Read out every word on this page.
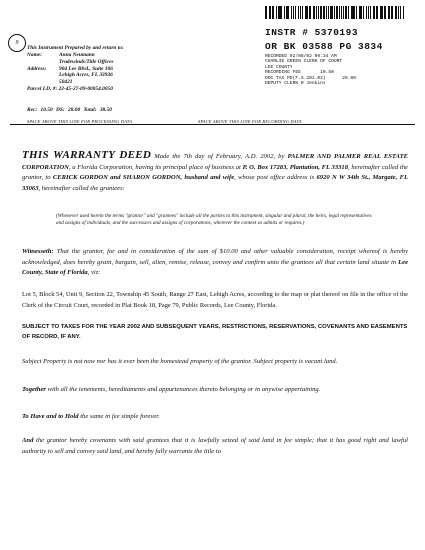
INSTR # 5370193
OR BK 03588 PG 3834
RECORDED 02/08/02 09:34 AM
CHARLIE GREEN CLERK OF COURT
LEE COUNTY
RECORDING FEE       10.50
DOC TAX PD(F.S.201.02)      28.00
DEPUTY CLERK R Jenkins
9
This Instrument Prepared by and return to:
Name:	Anna Neumann
Tradewinds/Title Offices
Address:	904 Lee Blvd., Suite 106
Lehigh Acres, FL 33936
50421
Parcel I.D. #: 22-45-27-09-00054.0050
Rec: 10.50 DS: 28.00 Total: 38.50
SPACE ABOVE THIS LINE FOR PROCESSING DATA	SPACE ABOVE THIS LINE FOR RECORDING DATA
THIS WARRANTY DEED Made the 7th day of February, A.D. 2002, by PALMER AND PALMER REAL ESTATE CORPORATION, a Florida Corporation, having its principal place of business at P. O. Box 17283, Plantation, FL 33318, hereinafter called the grantor, to CERICK GORDON and SHARON GORDON, husband and wife, whose post office address is 6920 N W 34th St., Margate, FL 33063, hereinafter called the grantees:
(Whenever used herein the terms "grantor" and "grantees" include all the parties to this instrument, singular and plural, the heirs, legal representatives and assigns of individuals, and the successors and assigns of corporations, wherever the context so admits or requires.)
Witnesseth: That the grantor, for and in consideration of the sum of $10.00 and other valuable consideration, receipt whereof is hereby acknowledged, does hereby grant, bargain, sell, alien, remise, release, convey and confirm unto the grantees all that certain land situate in Lee County, State of Florida, viz:
Lot 5, Block 54, Unit 9, Section 22, Township 45 South, Range 27 East, Lehigh Acres, according to the map or plat thereof on file in the office of the Clerk of the Circuit Court, recorded in Plat Book 18, Page 79, Public Records, Lee County, Florida.
SUBJECT TO TAXES FOR THE YEAR 2002 AND SUBSEQUENT YEARS, RESTRICTIONS, RESERVATIONS, COVENANTS AND EASEMENTS OF RECORD, IF ANY.
Subject Property is not now nor has it ever been the homestead property of the grantor. Subject property is vacant land.
Together with all the tenements, hereditaments and appurtenances thereto belonging or in anywise appertaining.
To Have and to Hold the same in fee simple forever.
And the grantor hereby covenants with said grantees that it is lawfully seized of said land in fee simple; that it has good right and lawful authority to sell and convey said land, and hereby fully warrants the title to
